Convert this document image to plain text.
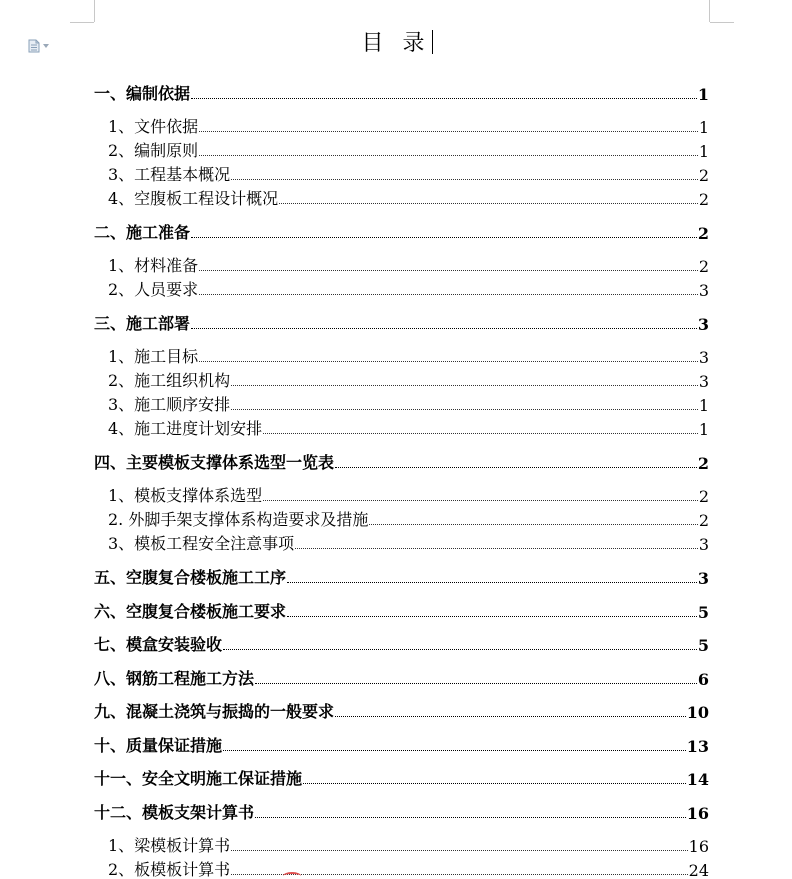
目 录
一、编制依据	1
1、文件依据	1
2、编制原则	1
3、工程基本概况	2
4、空腹板工程设计概况	2
二、施工准备	2
1、材料准备	2
2、人员要求	3
三、施工部署	3
1、施工目标	3
2、施工组织机构	3
3、施工顺序安排	1
4、施工进度计划安排	1
四、主要模板支撑体系选型一览表	2
1、模板支撑体系选型	2
2. 外脚手架支撑体系构造要求及措施	2
3、模板工程安全注意事项	3
五、空腹复合楼板施工工序	3
六、空腹复合楼板施工要求	5
七、模盒安装验收	5
八、钢筋工程施工方法	6
九、混凝土浇筑与振捣的一般要求	10
十、质量保证措施	13
十一、安全文明施工保证措施	14
十二、模板支架计算书	16
1、梁模板计算书	16
2、板模板计算书	24
